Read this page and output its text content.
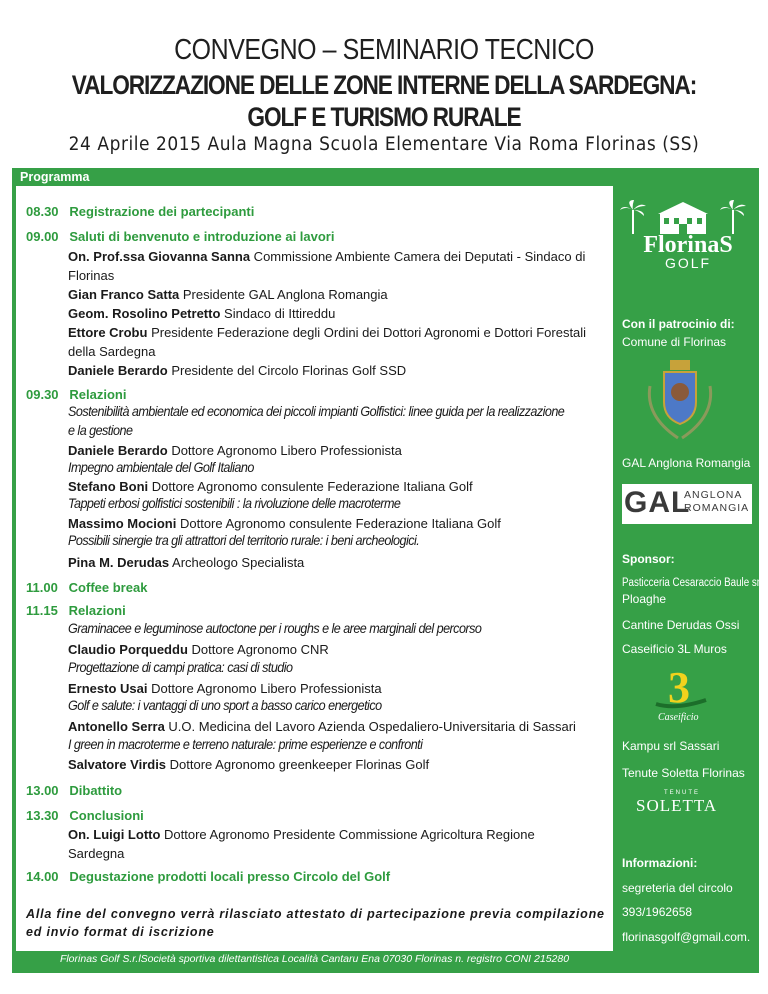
CONVEGNO – SEMINARIO TECNICO
VALORIZZAZIONE DELLE ZONE INTERNE DELLA SARDEGNA:
GOLF E TURISMO RURALE
24 Aprile 2015 Aula Magna Scuola Elementare Via Roma Florinas (SS)
Programma
08.30 Registrazione dei partecipanti
09.00 Saluti di benvenuto e introduzione ai lavori
On. Prof.ssa Giovanna Sanna Commissione Ambiente Camera dei Deputati - Sindaco di Florinas
Gian Franco Satta Presidente GAL Anglona Romangia
Geom. Rosolino Petretto Sindaco di Ittireddu
Ettore Crobu Presidente Federazione degli Ordini dei Dottori Agronomi e Dottori Forestali della Sardegna
Daniele Berardo Presidente del Circolo Florinas Golf SSD
09.30 Relazioni
Sostenibilità ambientale ed economica dei piccoli impianti Golfistici: linee guida per la realizzazione
e la gestione
Daniele Berardo Dottore Agronomo Libero Professionista
Impegno ambientale del Golf Italiano
Stefano Boni Dottore Agronomo consulente Federazione Italiana Golf
Tappeti erbosi golfistici sostenibili : la rivoluzione delle macroterme
Massimo Mocioni Dottore Agronomo consulente Federazione Italiana Golf
Possibili sinergie tra gli attrattori del territorio rurale: i beni archeologici.
Pina M. Derudas Archeologo Specialista
11.00 Coffee break
11.15 Relazioni
Graminacee e leguminose autoctone per i roughs e le aree marginali del percorso
Claudio Porqueddu Dottore Agronomo CNR
Progettazione di campi pratica: casi di studio
Ernesto Usai Dottore Agronomo Libero Professionista
Golf e salute: i vantaggi di uno sport a basso carico energetico
Antonello Serra U.O. Medicina del Lavoro Azienda Ospedaliero-Universitaria di Sassari
I green in macroterme e terreno naturale: prime esperienze e confronti
Salvatore Virdis Dottore Agronomo greenkeeper Florinas Golf
13.00 Dibattito
13.30 Conclusioni
On. Luigi Lotto Dottore Agronomo Presidente Commissione Agricoltura Regione Sardegna
14.00 Degustazione prodotti locali presso Circolo del Golf
Alla fine del convegno verrà rilasciato attestato di partecipazione previa compilazione ed invio format di iscrizione
Florinas Golf S.r.lSocietà sportiva dilettantistica Località Cantaru Ena 07030 Florinas n. registro CONI 215280
FlorinaS
GOLF
Con il patrocinio di:
Comune di Florinas
GAL Anglona Romangia
GAL
ANGLONA
ROMANGIA
Sponsor:
Pasticceria Cesaraccio Baule snc
Ploaghe
Cantine Derudas Ossi
Caseificio 3L Muros
3
Caseificio
Kampu srl Sassari
Tenute Soletta Florinas
TENUTE
SOLETTA
Informazioni:
segreteria del circolo
393/1962658
florinasgolf@gmail.com.
